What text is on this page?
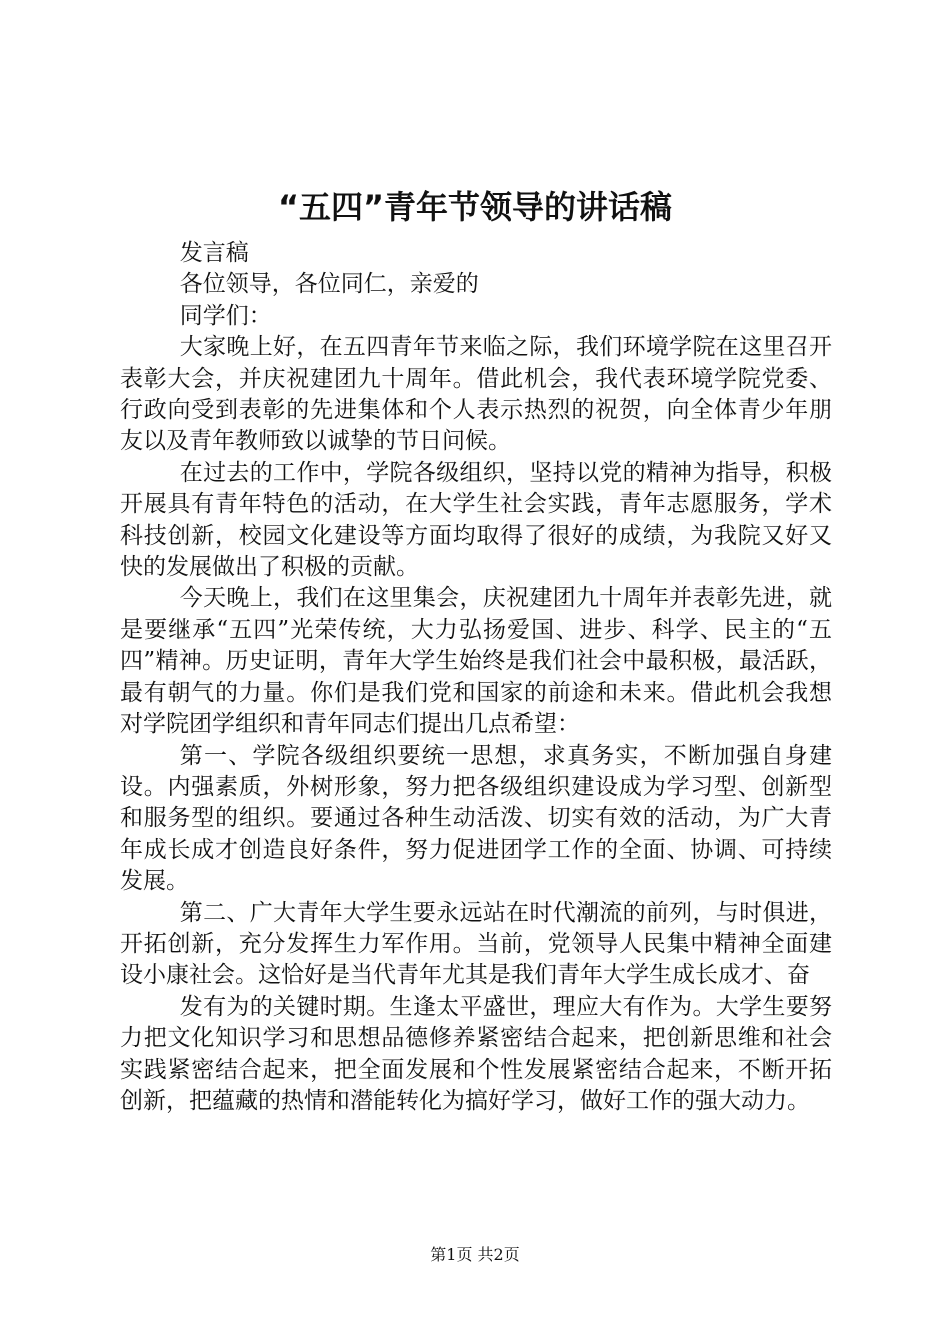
“五四”青年节领导的讲话稿

发言稿

各位领导，各位同仁，亲爱的

同学们：

大家晚上好，在五四青年节来临之际，我们环境学院在这里召开表彰大会，并庆祝建团九十周年。借此机会，我代表环境学院党委、行政向受到表彰的先进集体和个人表示热烈的祝贺，向全体青少年朋友以及青年教师致以诚挚的节日问候。

在过去的工作中，学院各级组织，坚持以党的精神为指导，积极开展具有青年特色的活动，在大学生社会实践，青年志愿服务，学术科技创新，校园文化建设等方面均取得了很好的成绩，为我院又好又快的发展做出了积极的贡献。

今天晚上，我们在这里集会，庆祝建团九十周年并表彰先进，就是要继承“五四”光荣传统，大力弘扬爱国、进步、科学、民主的“五四”精神。历史证明，青年大学生始终是我们社会中最积极，最活跃，最有朝气的力量。你们是我们党和国家的前途和未来。借此机会我想对学院团学组织和青年同志们提出几点希望：

第一、学院各级组织要统一思想，求真务实，不断加强自身建设。内强素质，外树形象，努力把各级组织建设成为学习型、创新型和服务型的组织。要通过各种生动活泼、切实有效的活动，为广大青年成长成才创造良好条件，努力促进团学工作的全面、协调、可持续发展。

第二、广大青年大学生要永远站在时代潮流的前列，与时俱进，开拓创新，充分发挥生力军作用。当前，党领导人民集中精神全面建设小康社会。这恰好是当代青年尤其是我们青年大学生成长成才、奋

发有为的关键时期。生逢太平盛世，理应大有作为。大学生要努力把文化知识学习和思想品德修养紧密结合起来，把创新思维和社会实践紧密结合起来，把全面发展和个性发展紧密结合起来，不断开拓创新，把蕴藏的热情和潜能转化为搞好学习，做好工作的强大动力。

第1页 共2页
